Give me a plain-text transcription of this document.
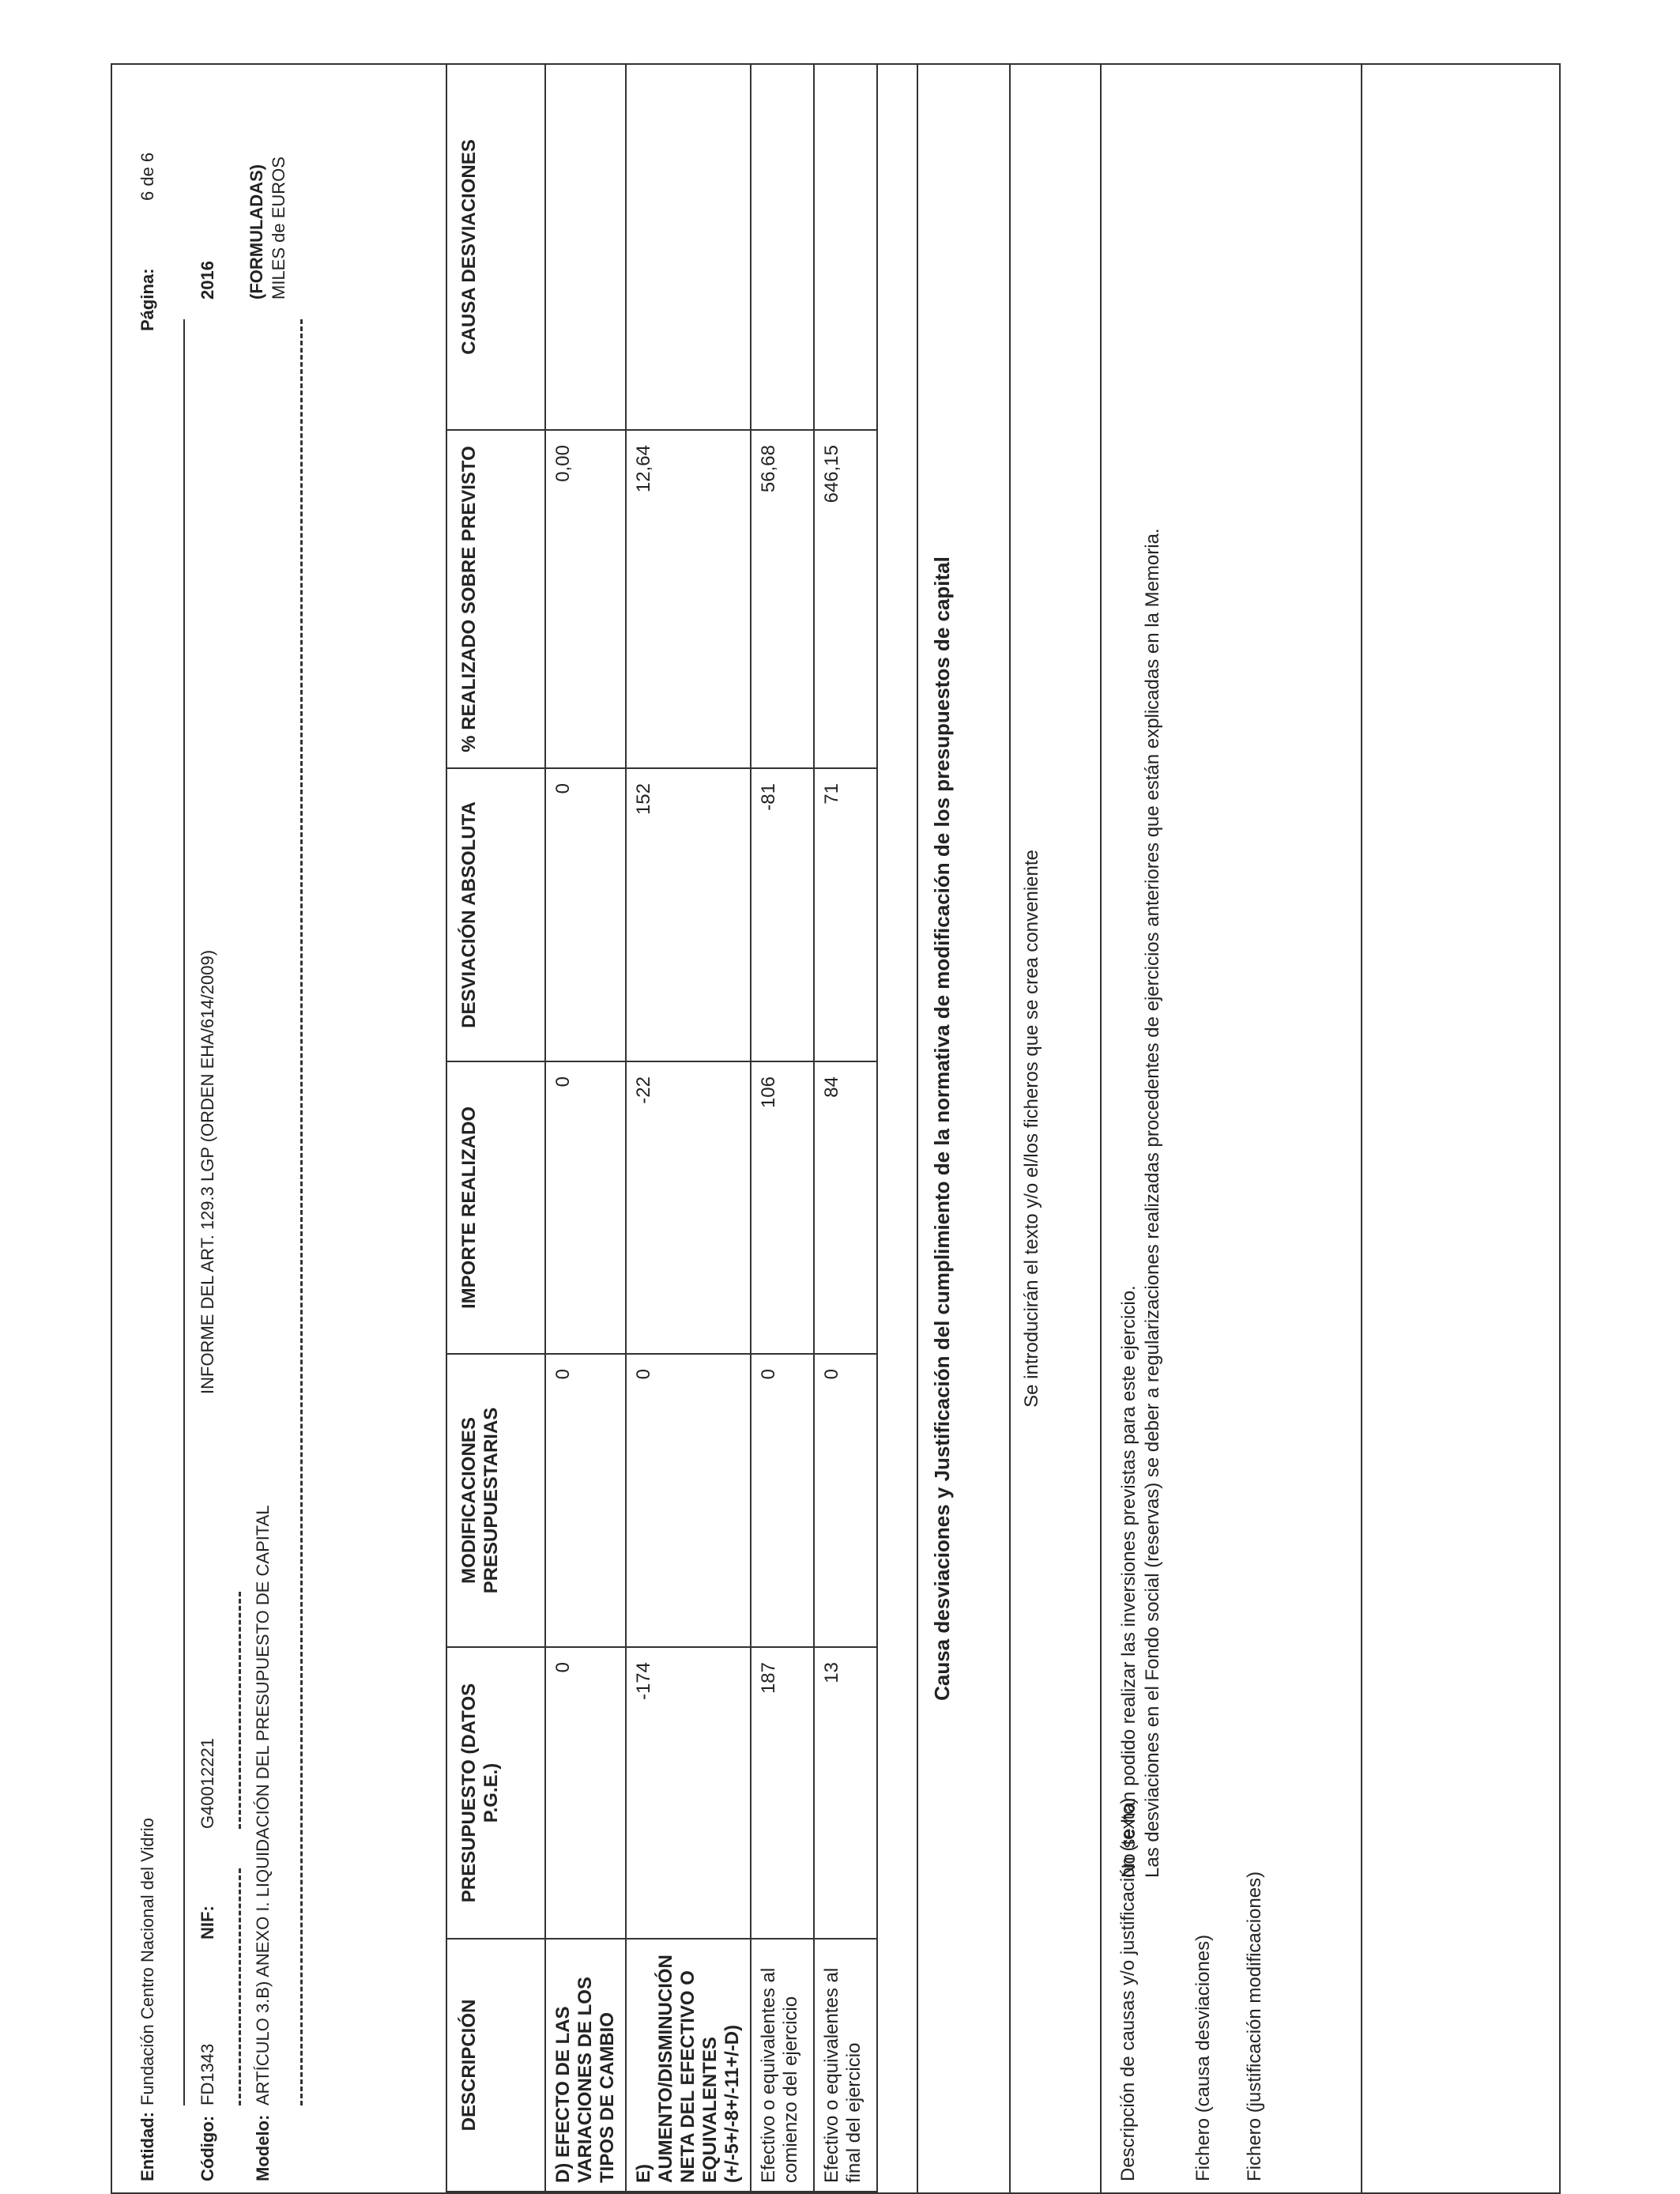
Entidad:
Fundación Centro Nacional del Vidrio
Página:
6 de 6
Código:
FD1343
NIF:
G40012221
INFORME DEL ART. 129.3 LGP (ORDEN EHA/614/2009)
2016
Modelo:
ARTÍCULO 3.B) ANEXO I. LIQUIDACIÓN DEL PRESUPUESTO DE CAPITAL
(FORMULADAS) MILES de EUROS
DESCRIPCIÓN	PRESUPUESTO (DATOS P.G.E.)	MODIFICACIONES PRESUPUESTARIAS	IMPORTE REALIZADO	DESVIACIÓN ABSOLUTA	% REALIZADO SOBRE PREVISTO	CAUSA DESVIACIONES
D) EFECTO DE LAS VARIACIONES DE LOS TIPOS DE CAMBIO	0	0	0	0	0,00	
E) AUMENTO/DISMINUCIÓN NETA DEL EFECTIVO O EQUIVALENTES (+/-5+/-8+/-11+/-D)	-174	0	-22	152	12,64	
Efectivo o equivalentes al comienzo del ejercicio	187	0	106	-81	56,68	
Efectivo o equivalentes al final del ejercicio	13	0	84	71	646,15	
Causa desviaciones y Justificación del cumplimiento de la normativa de modificación de los presupuestos de capital	Se introducirán el texto y/o el/los ficheros que se crea conveniente
Descripción de causas y/o justificación (texto)
No se han podido realizar las inversiones previstas para este ejercicio. Las desviaciones en el Fondo social (reservas) se deber a regularizaciones realizadas procedentes de ejercicios anteriores que están explicadas en la Memoria.
Fichero (causa desviaciones) Fichero (justificación modificaciones)
